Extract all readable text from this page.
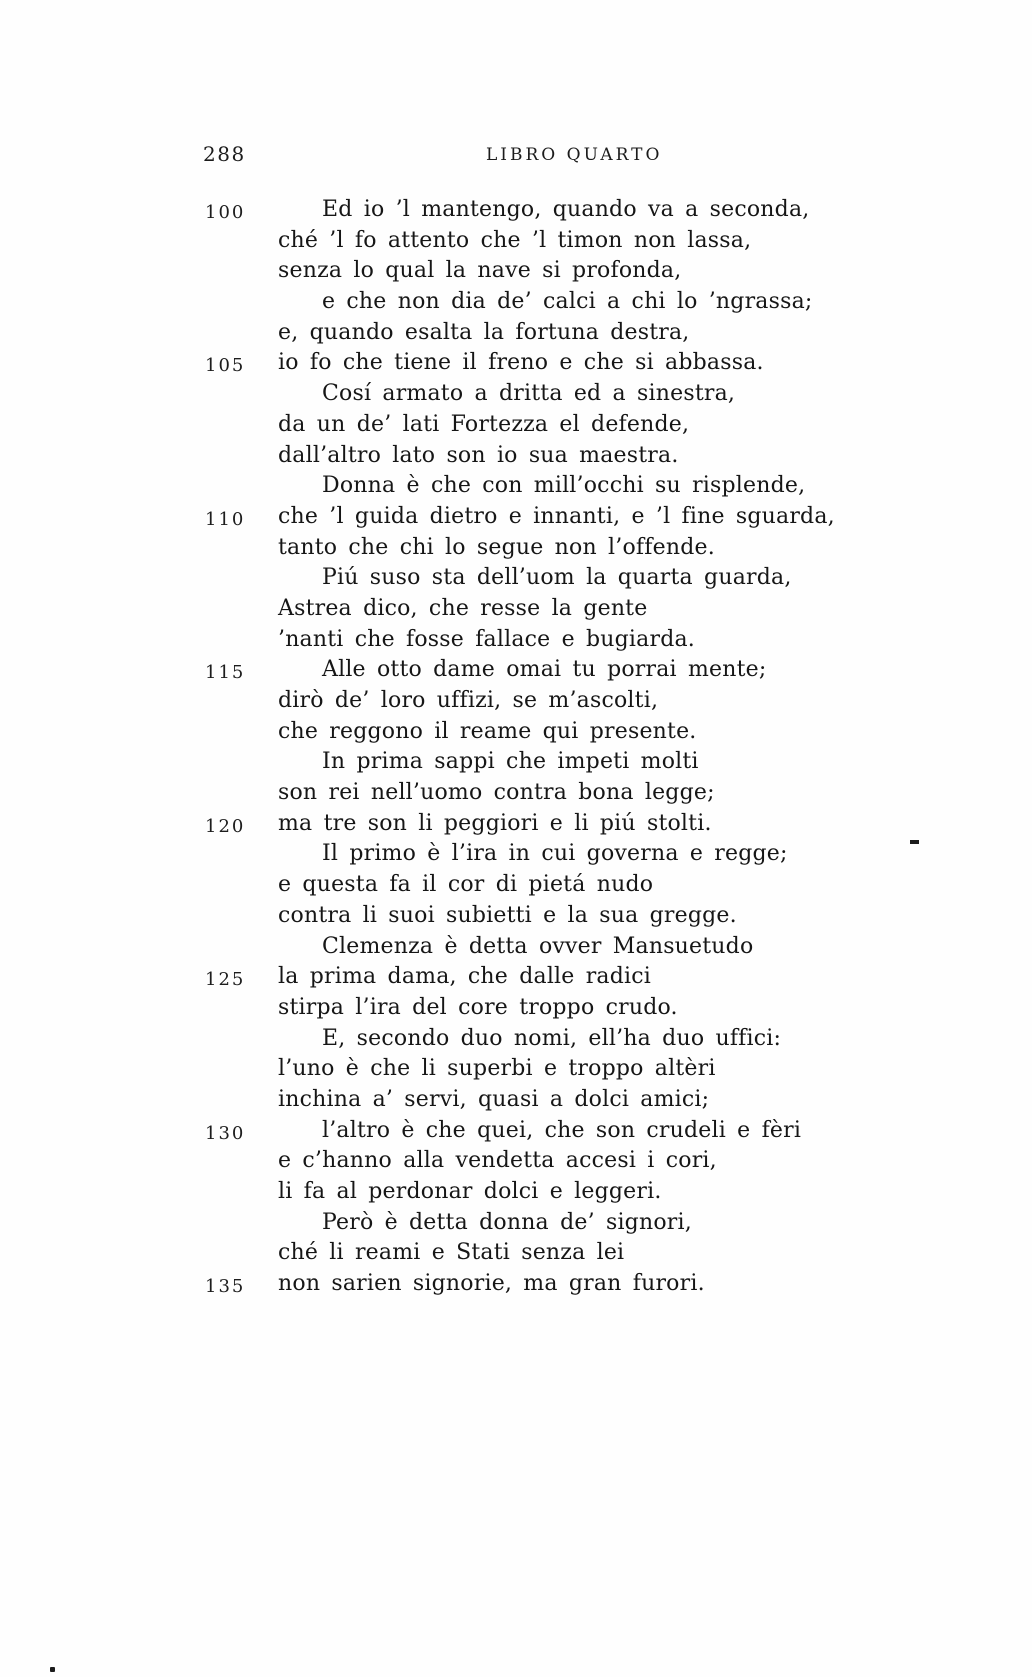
288	LIBRO QUARTO
100	Ed io ’l mantengo, quando va a seconda,
ché ’l fo attento che ’l timon non lassa,
senza lo qual la nave si profonda,
e che non dia de’ calci a chi lo ’ngrassa;
e, quando esalta la fortuna destra,
105 io fo che tiene il freno e che si abbassa.
Cosí armato a dritta ed a sinestra,
da un de’ lati Fortezza el defende,
dall’altro lato son io sua maestra.
Donna è che con mill’occhi su risplende,
110 che ’l guida dietro e innanti, e ’l fine sguarda,
tanto che chi lo segue non l’offende.
Piú suso sta dell’uom la quarta guarda,
Astrea dico, che resse la gente
’nanti che fosse fallace e bugiarda.
115	Alle otto dame omai tu porrai mente;
dirò de’ loro uffizi, se m’ascolti,
che reggono il reame qui presente.
In prima sappi che impeti molti
son rei nell’uomo contra bona legge;
120 ma tre son li peggiori e li piú stolti.
Il primo è l’ira in cui governa e regge;
e questa fa il cor di pietá nudo
contra li suoi subietti e la sua gregge.
Clemenza è detta ovver Mansuetudo
125 la prima dama, che dalle radici
stirpa l’ira del core troppo crudo.
E, secondo duo nomi, ell’ha duo uffici:
l’uno è che li superbi e troppo altèri
inchina a’ servi, quasi a dolci amici;
130	l’altro è che quei, che son crudeli e fèri
e c’hanno alla vendetta accesi i cori,
li fa al perdonar dolci e leggeri.
Però è detta donna de’ signori,
ché li reami e Stati senza lei
135 non sarien signorie, ma gran furori.
